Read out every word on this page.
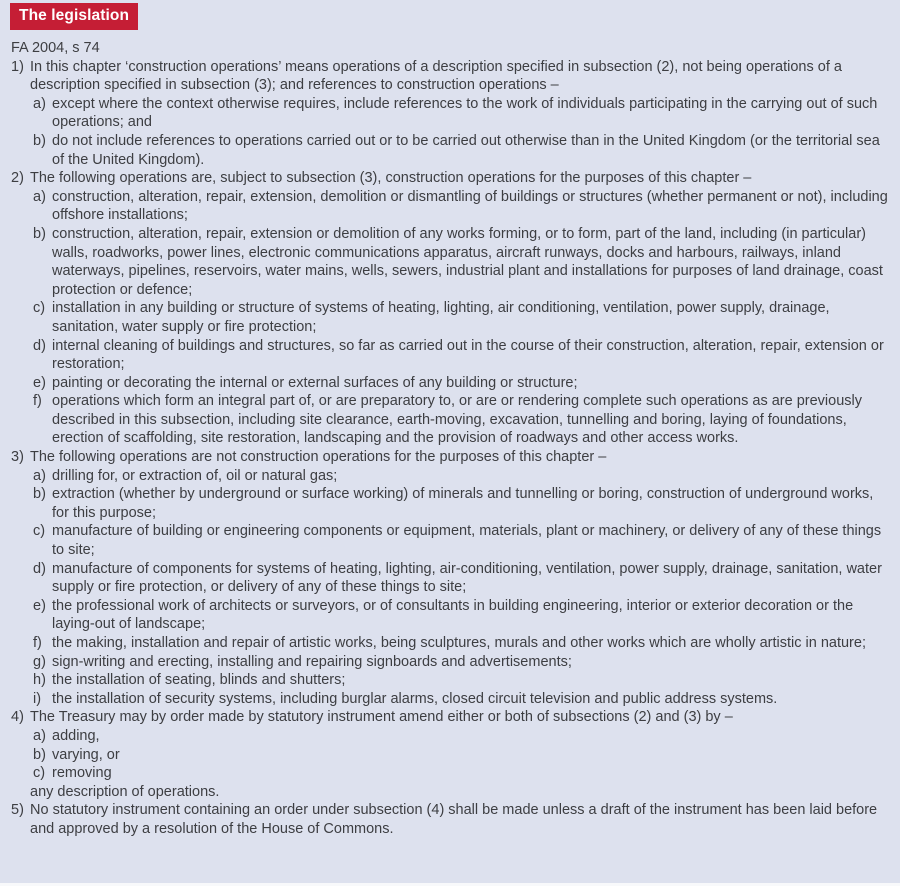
The legislation
FA 2004, s 74
1) In this chapter ‘construction operations’ means operations of a description specified in subsection (2), not being operations of a description specified in subsection (3); and references to construction operations –
a) except where the context otherwise requires, include references to the work of individuals participating in the carrying out of such operations; and
b) do not include references to operations carried out or to be carried out otherwise than in the United Kingdom (or the territorial sea of the United Kingdom).
2) The following operations are, subject to subsection (3), construction operations for the purposes of this chapter –
a) construction, alteration, repair, extension, demolition or dismantling of buildings or structures (whether permanent or not), including offshore installations;
b) construction, alteration, repair, extension or demolition of any works forming, or to form, part of the land, including (in particular) walls, roadworks, power lines, electronic communications apparatus, aircraft runways, docks and harbours, railways, inland waterways, pipelines, reservoirs, water mains, wells, sewers, industrial plant and installations for purposes of land drainage, coast protection or defence;
c) installation in any building or structure of systems of heating, lighting, air conditioning, ventilation, power supply, drainage, sanitation, water supply or fire protection;
d) internal cleaning of buildings and structures, so far as carried out in the course of their construction, alteration, repair, extension or restoration;
e) painting or decorating the internal or external surfaces of any building or structure;
f) operations which form an integral part of, or are preparatory to, or are or rendering complete such operations as are previously described in this subsection, including site clearance, earth-moving, excavation, tunnelling and boring, laying of foundations, erection of scaffolding, site restoration, landscaping and the provision of roadways and other access works.
3) The following operations are not construction operations for the purposes of this chapter –
a) drilling for, or extraction of, oil or natural gas;
b) extraction (whether by underground or surface working) of minerals and tunnelling or boring, construction of underground works, for this purpose;
c) manufacture of building or engineering components or equipment, materials, plant or machinery, or delivery of any of these things to site;
d) manufacture of components for systems of heating, lighting, air-conditioning, ventilation, power supply, drainage, sanitation, water supply or fire protection, or delivery of any of these things to site;
e) the professional work of architects or surveyors, or of consultants in building engineering, interior or exterior decoration or the laying-out of landscape;
f) the making, installation and repair of artistic works, being sculptures, murals and other works which are wholly artistic in nature;
g) sign-writing and erecting, installing and repairing signboards and advertisements;
h) the installation of seating, blinds and shutters;
i) the installation of security systems, including burglar alarms, closed circuit television and public address systems.
4) The Treasury may by order made by statutory instrument amend either or both of subsections (2) and (3) by –
a) adding,
b) varying, or
c) removing
any description of operations.
5) No statutory instrument containing an order under subsection (4) shall be made unless a draft of the instrument has been laid before and approved by a resolution of the House of Commons.
